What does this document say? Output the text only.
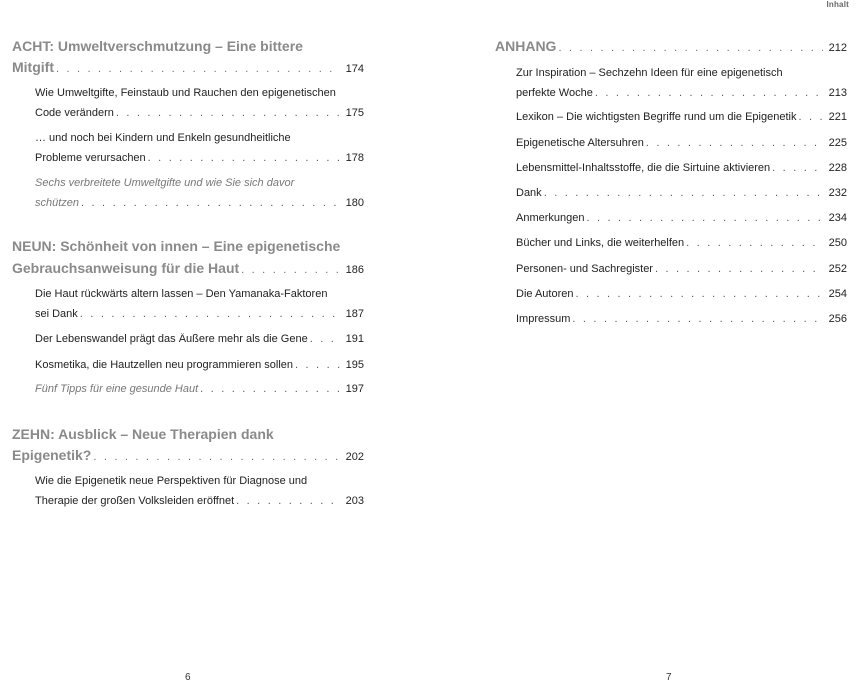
ACHT: Umweltverschmutzung – Eine bittere
Mitgift . . .	174
Wie Umweltgifte, Feinstaub und Rauchen den epigenetischen
Code verändern . . .	175
… und noch bei Kindern und Enkeln gesundheitliche
Probleme verursachen . . .	178
Sechs verbreitete Umweltgifte und wie Sie sich davor
schützen . . .	180
NEUN: Schönheit von innen – Eine epigenetische
Gebrauchsanweisung für die Haut . . .	186
Die Haut rückwärts altern lassen – Den Yamanaka-Faktoren
sei Dank . . .	187
Der Lebenswandel prägt das Äußere mehr als die Gene . . .	191
Kosmetika, die Hautzellen neu programmieren sollen . . .	195
Fünf Tipps für eine gesunde Haut . . .	197
ZEHN: Ausblick – Neue Therapien dank
Epigenetik? . . .	202
Wie die Epigenetik neue Perspektiven für Diagnose und
Therapie der großen Volksleiden eröffnet . . .	203
6
Inhalt
ANHANG . . .	212
Zur Inspiration – Sechzehn Ideen für eine epigenetisch
perfekte Woche . . .	213
Lexikon – Die wichtigsten Begriffe rund um die Epigenetik . . .	221
Epigenetische Altersuhren . . .	225
Lebensmittel-Inhaltsstoffe, die die Sirtuine aktivieren . . .	228
Dank . . .	232
Anmerkungen . . .	234
Bücher und Links, die weiterhelfen . . .	250
Personen- und Sachregister . . .	252
Die Autoren . . .	254
Impressum . . .	256
7
